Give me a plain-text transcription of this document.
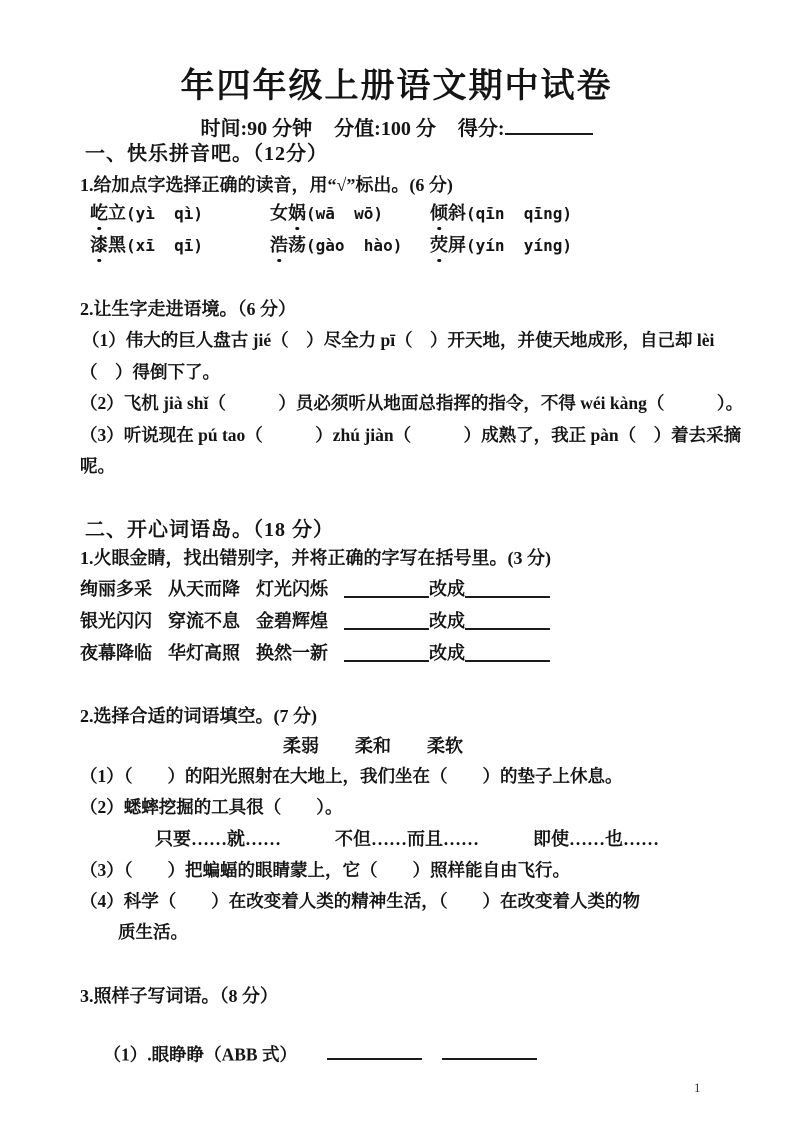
年四年级上册语文期中试卷
时间:90 分钟 分值:100 分 得分:
一、快乐拼音吧。（12分）
1.给加点字选择正确的读音，用“√”标出。(6 分)
屹立(yì  qì)	女娲(wā  wō)	倾斜(qīn  qīng)
漆黑(xī  qī)	浩荡(gào  hào)	荧屏(yín  yíng)
2.让生字走进语境。（6 分）
（1）伟大的巨人盘古 jié（　）尽全力 pī（　）开天地，并使天地成形，自己却 lèi
（　）得倒下了。
（2）飞机 jià shǐ（　　　）员必须听从地面总指挥的指令，不得 wéi kàng（　　　）。
（3）听说现在 pú tao（　　　）zhú jiàn（　　　）成熟了，我正 pàn（　）着去采摘
呢。
二、开心词语岛。（18 分）
1.火眼金睛，找出错别字，并将正确的字写在括号里。(3 分)
绚丽多采 从天而降 灯光闪烁	改成
银光闪闪 穿流不息 金碧辉煌	改成
夜幕降临 华灯高照 换然一新	改成
2.选择合适的词语填空。(7 分)
柔弱　　柔和　　柔软
（1）（　　）的阳光照射在大地上，我们坐在（　　）的垫子上休息。
（2）蟋蟀挖掘的工具很（　　）。
只要……就……　　　不但……而且……　　　即使……也……
（3）（　　）把蝙蝠的眼睛蒙上，它（　　）照样能自由飞行。
（4）科学（　　）在改变着人类的精神生活，（　　）在改变着人类的物
质生活。
3.照样子写词语。（8 分）

（1）.眼睁睁（ABB 式）

1
